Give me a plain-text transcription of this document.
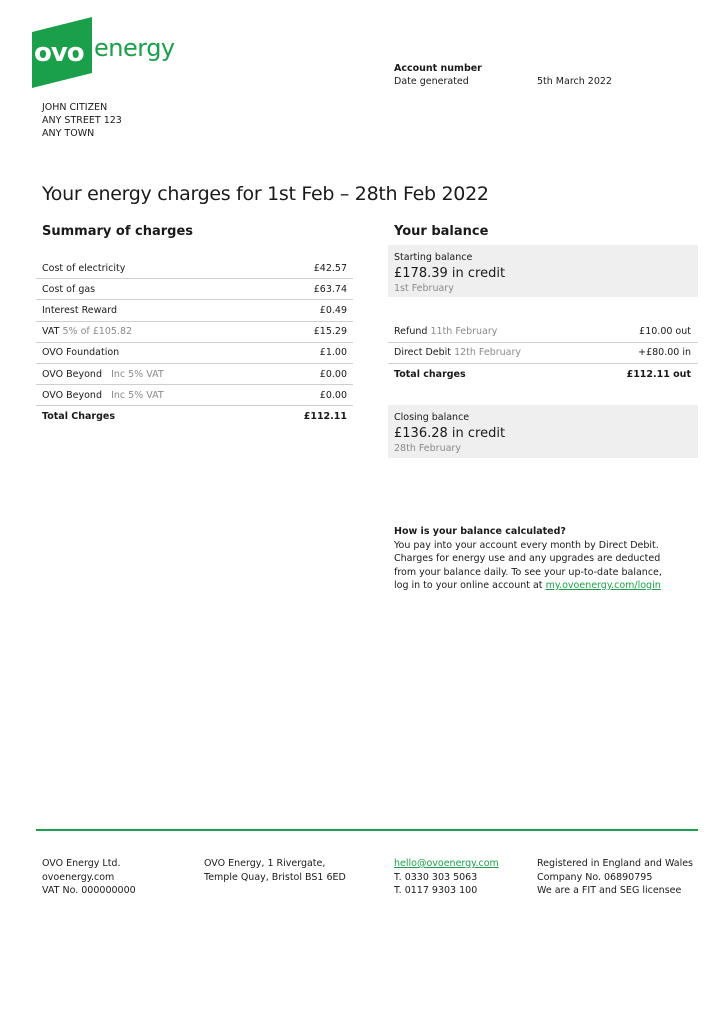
ovo energy
Account number
Date generated	5th March 2022
JOHN CITIZEN
ANY STREET 123
ANY TOWN
Your energy charges for 1st Feb – 28th Feb 2022
Summary of charges
Cost of electricity	£42.57
Cost of gas	£63.74
Interest Reward	£0.49
VAT 5% of £105.82	£15.29
OVO Foundation	£1.00
OVO Beyond Inc 5% VAT	£0.00
OVO Beyond Inc 5% VAT	£0.00
Total Charges	£112.11
Your balance
Starting balance
£178.39 in credit
1st February
Refund 11th February	£10.00 out
Direct Debit 12th February	+£80.00 in
Total charges	£112.11 out
Closing balance
£136.28 in credit
28th February
How is your balance calculated?
You pay into your account every month by Direct Debit.
Charges for energy use and any upgrades are deducted
from your balance daily. To see your up-to-date balance,
log in to your online account at my.ovoenergy.com/login
OVO Energy Ltd.
ovoenergy.com
VAT No. 000000000
OVO Energy, 1 Rivergate,
Temple Quay, Bristol BS1 6ED
hello@ovoenergy.com
T. 0330 303 5063
T. 0117 9303 100
Registered in England and Wales
Company No. 06890795
We are a FIT and SEG licensee
